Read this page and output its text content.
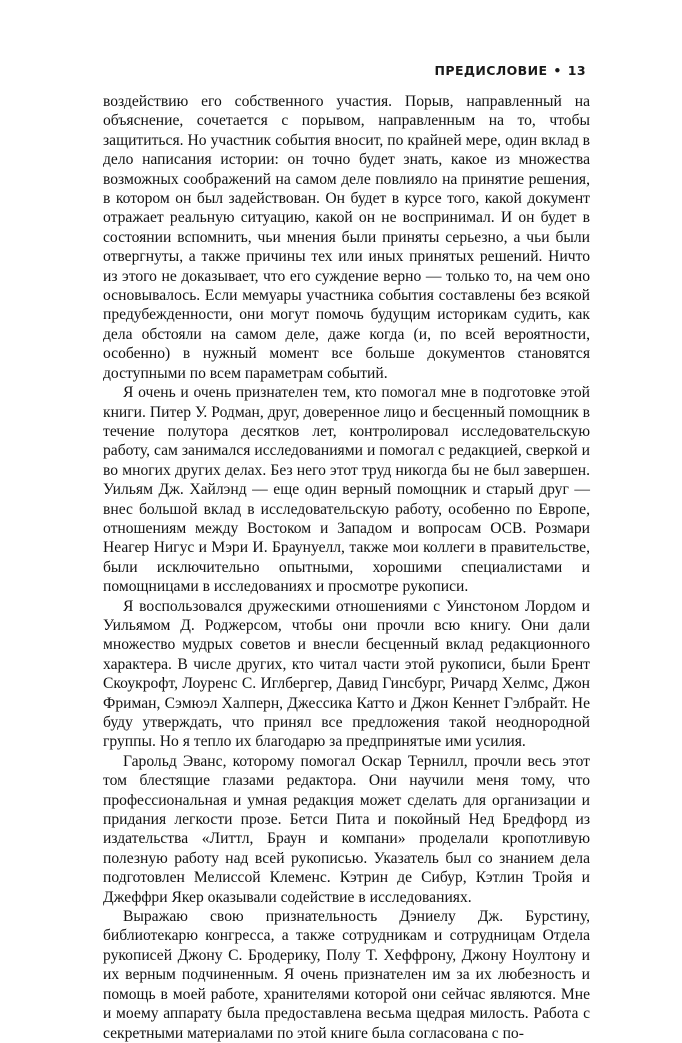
ПРЕДИСЛОВИЕ • 13

воздействию его собственного участия. Порыв, направленный на объяснение, сочетается с порывом, направленным на то, чтобы защититься. Но участник события вносит, по крайней мере, один вклад в дело написания истории: он точно будет знать, какое из множества возможных соображений на самом деле повлияло на принятие решения, в котором он был задействован. Он будет в курсе того, какой документ отражает реальную ситуацию, какой он не воспринимал. И он будет в состоянии вспомнить, чьи мнения были приняты серьезно, а чьи были отвергнуты, а также причины тех или иных принятых решений. Ничто из этого не доказывает, что его суждение верно — только то, на чем оно основывалось. Если мемуары участника события составлены без всякой предубежденности, они могут помочь будущим историкам судить, как дела обстояли на самом деле, даже когда (и, по всей вероятности, особенно) в нужный момент все больше документов становятся доступными по всем параметрам событий.

Я очень и очень признателен тем, кто помогал мне в подготовке этой книги. Питер У. Родман, друг, доверенное лицо и бесценный помощник в течение полутора десятков лет, контролировал исследовательскую работу, сам занимался исследованиями и помогал с редакцией, сверкой и во многих других делах. Без него этот труд никогда бы не был завершен. Уильям Дж. Хайлэнд — еще один верный помощник и старый друг — внес большой вклад в исследовательскую работу, особенно по Европе, отношениям между Востоком и Западом и вопросам ОСВ. Розмари Неагер Нигус и Мэри И. Браунуелл, также мои коллеги в правительстве, были исключительно опытными, хорошими специалистами и помощницами в исследованиях и просмотре рукописи.

Я воспользовался дружескими отношениями с Уинстоном Лордом и Уильямом Д. Роджерсом, чтобы они прочли всю книгу. Они дали множество мудрых советов и внесли бесценный вклад редакционного характера. В числе других, кто читал части этой рукописи, были Брент Скоукрофт, Лоуренс С. Иглбергер, Давид Гинсбург, Ричард Хелмс, Джон Фриман, Сэмюэл Халперн, Джессика Катто и Джон Кеннет Гэлбрайт. Не буду утверждать, что принял все предложения такой неоднородной группы. Но я тепло их благодарю за предпринятые ими усилия.

Гарольд Эванс, которому помогал Оскар Тернилл, прочли весь этот том блестящие глазами редактора. Они научили меня тому, что профессиональная и умная редакция может сделать для организации и придания легкости прозе. Бетси Пита и покойный Нед Бредфорд из издательства «Литтл, Браун и компани» проделали кропотливую полезную работу над всей рукописью. Указатель был со знанием дела подготовлен Мелиссой Клеменс. Кэтрин де Сибур, Кэтлин Тройя и Джеффри Якер оказывали содействие в исследованиях.

Выражаю свою признательность Дэниелу Дж. Бурстину, библиотекарю конгресса, а также сотрудникам и сотрудницам Отдела рукописей Джону С. Бродерику, Полу Т. Хеффрону, Джону Ноултону и их верным подчиненным. Я очень признателен им за их любезность и помощь в моей работе, хранителями которой они сейчас являются. Мне и моему аппарату была предоставлена весьма щедрая милость. Работа с секретными материалами по этой книге была согласована с по-
